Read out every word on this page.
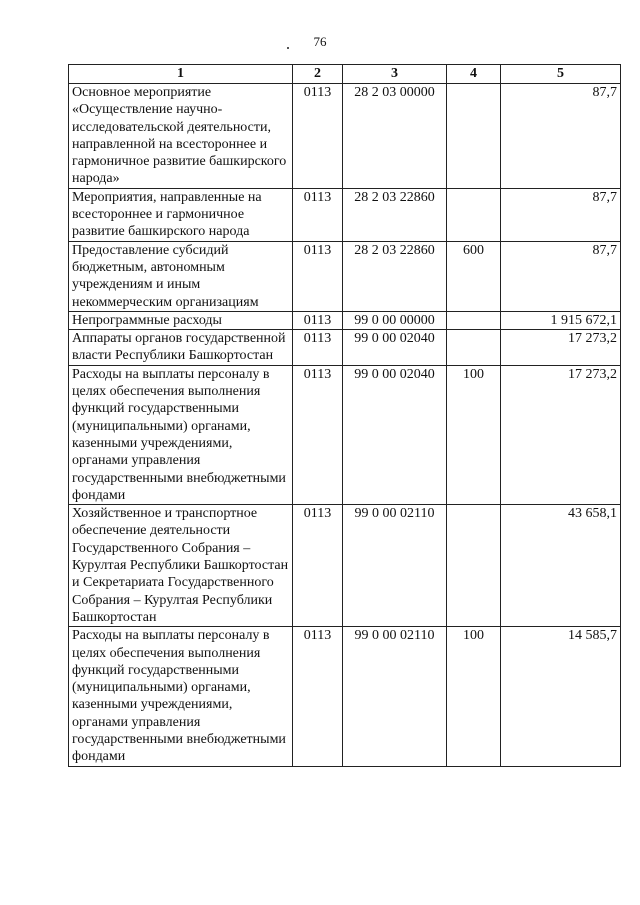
76
1	2	3	4	5
Основное мероприятие «Осуществление научно-исследовательской деятельности, направленной на всестороннее и гармоничное развитие башкирского народа»	0113	28 2 03 00000		87,7
Мероприятия, направленные на всестороннее и гармоничное развитие башкирского народа	0113	28 2 03 22860		87,7
Предоставление субсидий бюджетным, автономным учреждениям и иным некоммерческим организациям	0113	28 2 03 22860	600	87,7
Непрограммные расходы	0113	99 0 00 00000		1 915 672,1
Аппараты органов государственной власти Республики Башкортостан	0113	99 0 00 02040		17 273,2
Расходы на выплаты персоналу в целях обеспечения выполнения функций государственными (муниципальными) органами, казенными учреждениями, органами управления государственными внебюджетными фондами	0113	99 0 00 02040	100	17 273,2
Хозяйственное и транспортное обеспечение деятельности Государственного Собрания – Курултая Республики Башкортостан и Секретариата Государственного Собрания – Курултая Республики Башкортостан	0113	99 0 00 02110		43 658,1
Расходы на выплаты персоналу в целях обеспечения выполнения функций государственными (муниципальными) органами, казенными учреждениями, органами управления государственными внебюджетными фондами	0113	99 0 00 02110	100	14 585,7
